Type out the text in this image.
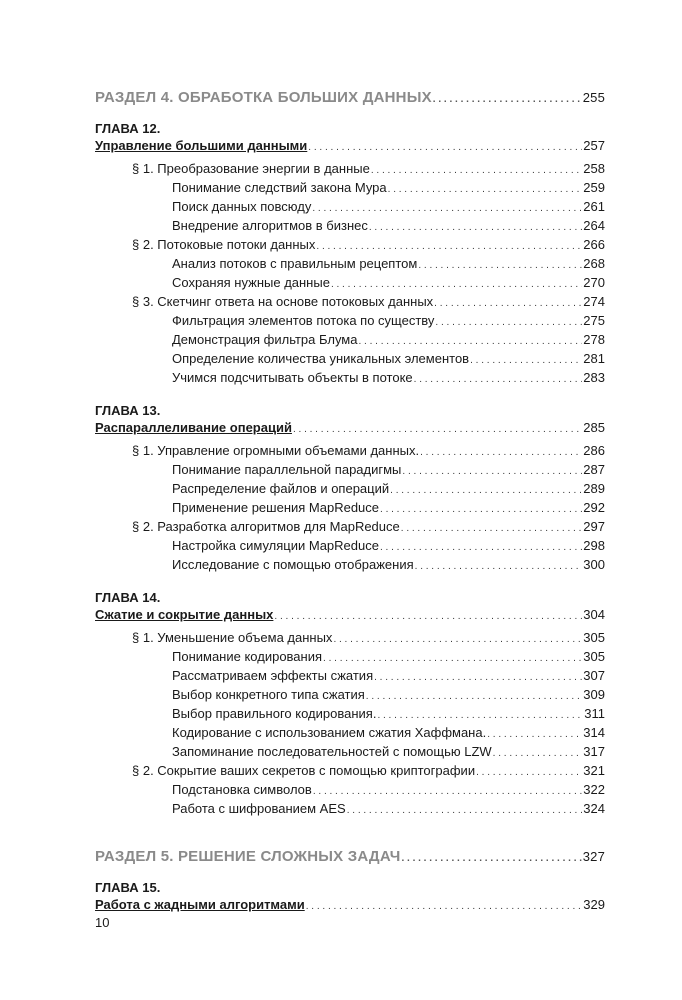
РАЗДЕЛ 4. ОБРАБОТКА БОЛЬШИХ ДАННЫХ . . .	255
ГЛАВА 12.
Управление большими данными . . .	257
§ 1. Преобразование энергии в данные . . .	258
Понимание следствий закона Мура . . .	259
Поиск данных повсюду . . .	261
Внедрение алгоритмов в бизнес . . .	264
§ 2. Потоковые потоки данных . . .	266
Анализ потоков с правильным рецептом . . .	268
Сохраняя нужные данные . . .	270
§ 3. Скетчинг ответа на основе потоковых данных . . .	274
Фильтрация элементов потока по существу . . .	275
Демонстрация фильтра Блума . . .	278
Определение количества уникальных элементов . . .	281
Учимся подсчитывать объекты в потоке . . .	283
ГЛАВА 13.
Распараллеливание операций . . .	285
§ 1. Управление огромными объемами данных. . . .	286
Понимание параллельной парадигмы . . .	287
Распределение файлов и операций . . .	289
Применение решения MapReduce . . .	292
§ 2. Разработка алгоритмов для MapReduce . . .	297
Настройка симуляции MapReduce . . .	298
Исследование с помощью отображения . . .	300
ГЛАВА 14.
Сжатие и сокрытие данных . . .	304
§ 1. Уменьшение объема данных . . .	305
Понимание кодирования . . .	305
Рассматриваем эффекты сжатия . . .	307
Выбор конкретного типа сжатия . . .	309
Выбор правильного кодирования. . . .	311
Кодирование с использованием сжатия Хаффмана. . . .	314
Запоминание последовательностей с помощью LZW . . .	317
§ 2. Сокрытие ваших секретов с помощью криптографии . . .	321
Подстановка символов . . .	322
Работа с шифрованием AES . . .	324
РАЗДЕЛ 5. РЕШЕНИЕ СЛОЖНЫХ ЗАДАЧ . . .	327
ГЛАВА 15.
Работа с жадными алгоритмами . . .	329
10
